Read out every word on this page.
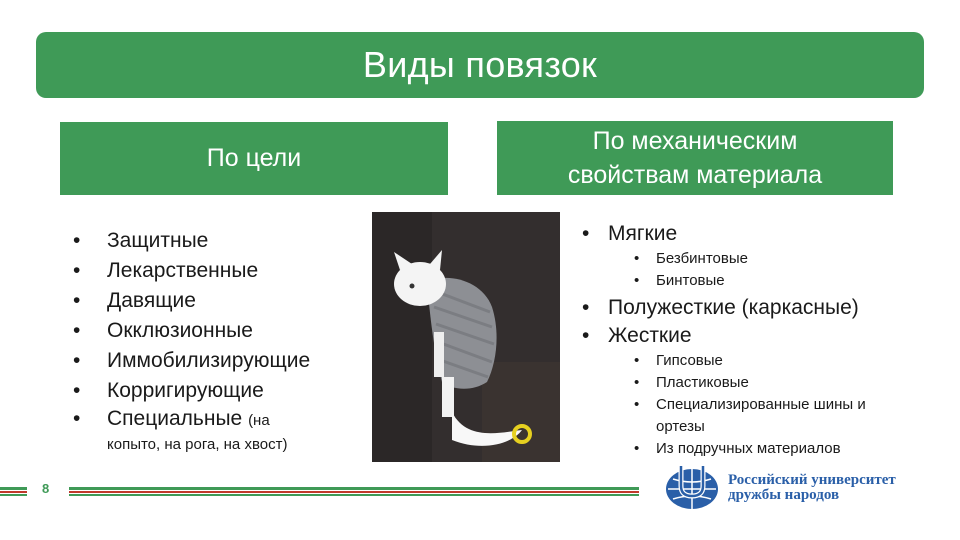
Виды повязок
По цели
По механическим
свойствам материала
• Защитные
• Лекарственные
• Давящие
• Окклюзионные
• Иммобилизирующие
• Корригирующие
• Специальные (на
копыто, на рога, на хвост)
• Мягкие
• Безбинтовые
• Бинтовые
• Полужесткие (каркасные)
• Жесткие
• Гипсовые
• Пластиковые
• Специализированные шины и
ортезы
• Из подручных материалов
8
Российский университет
дружбы народов
